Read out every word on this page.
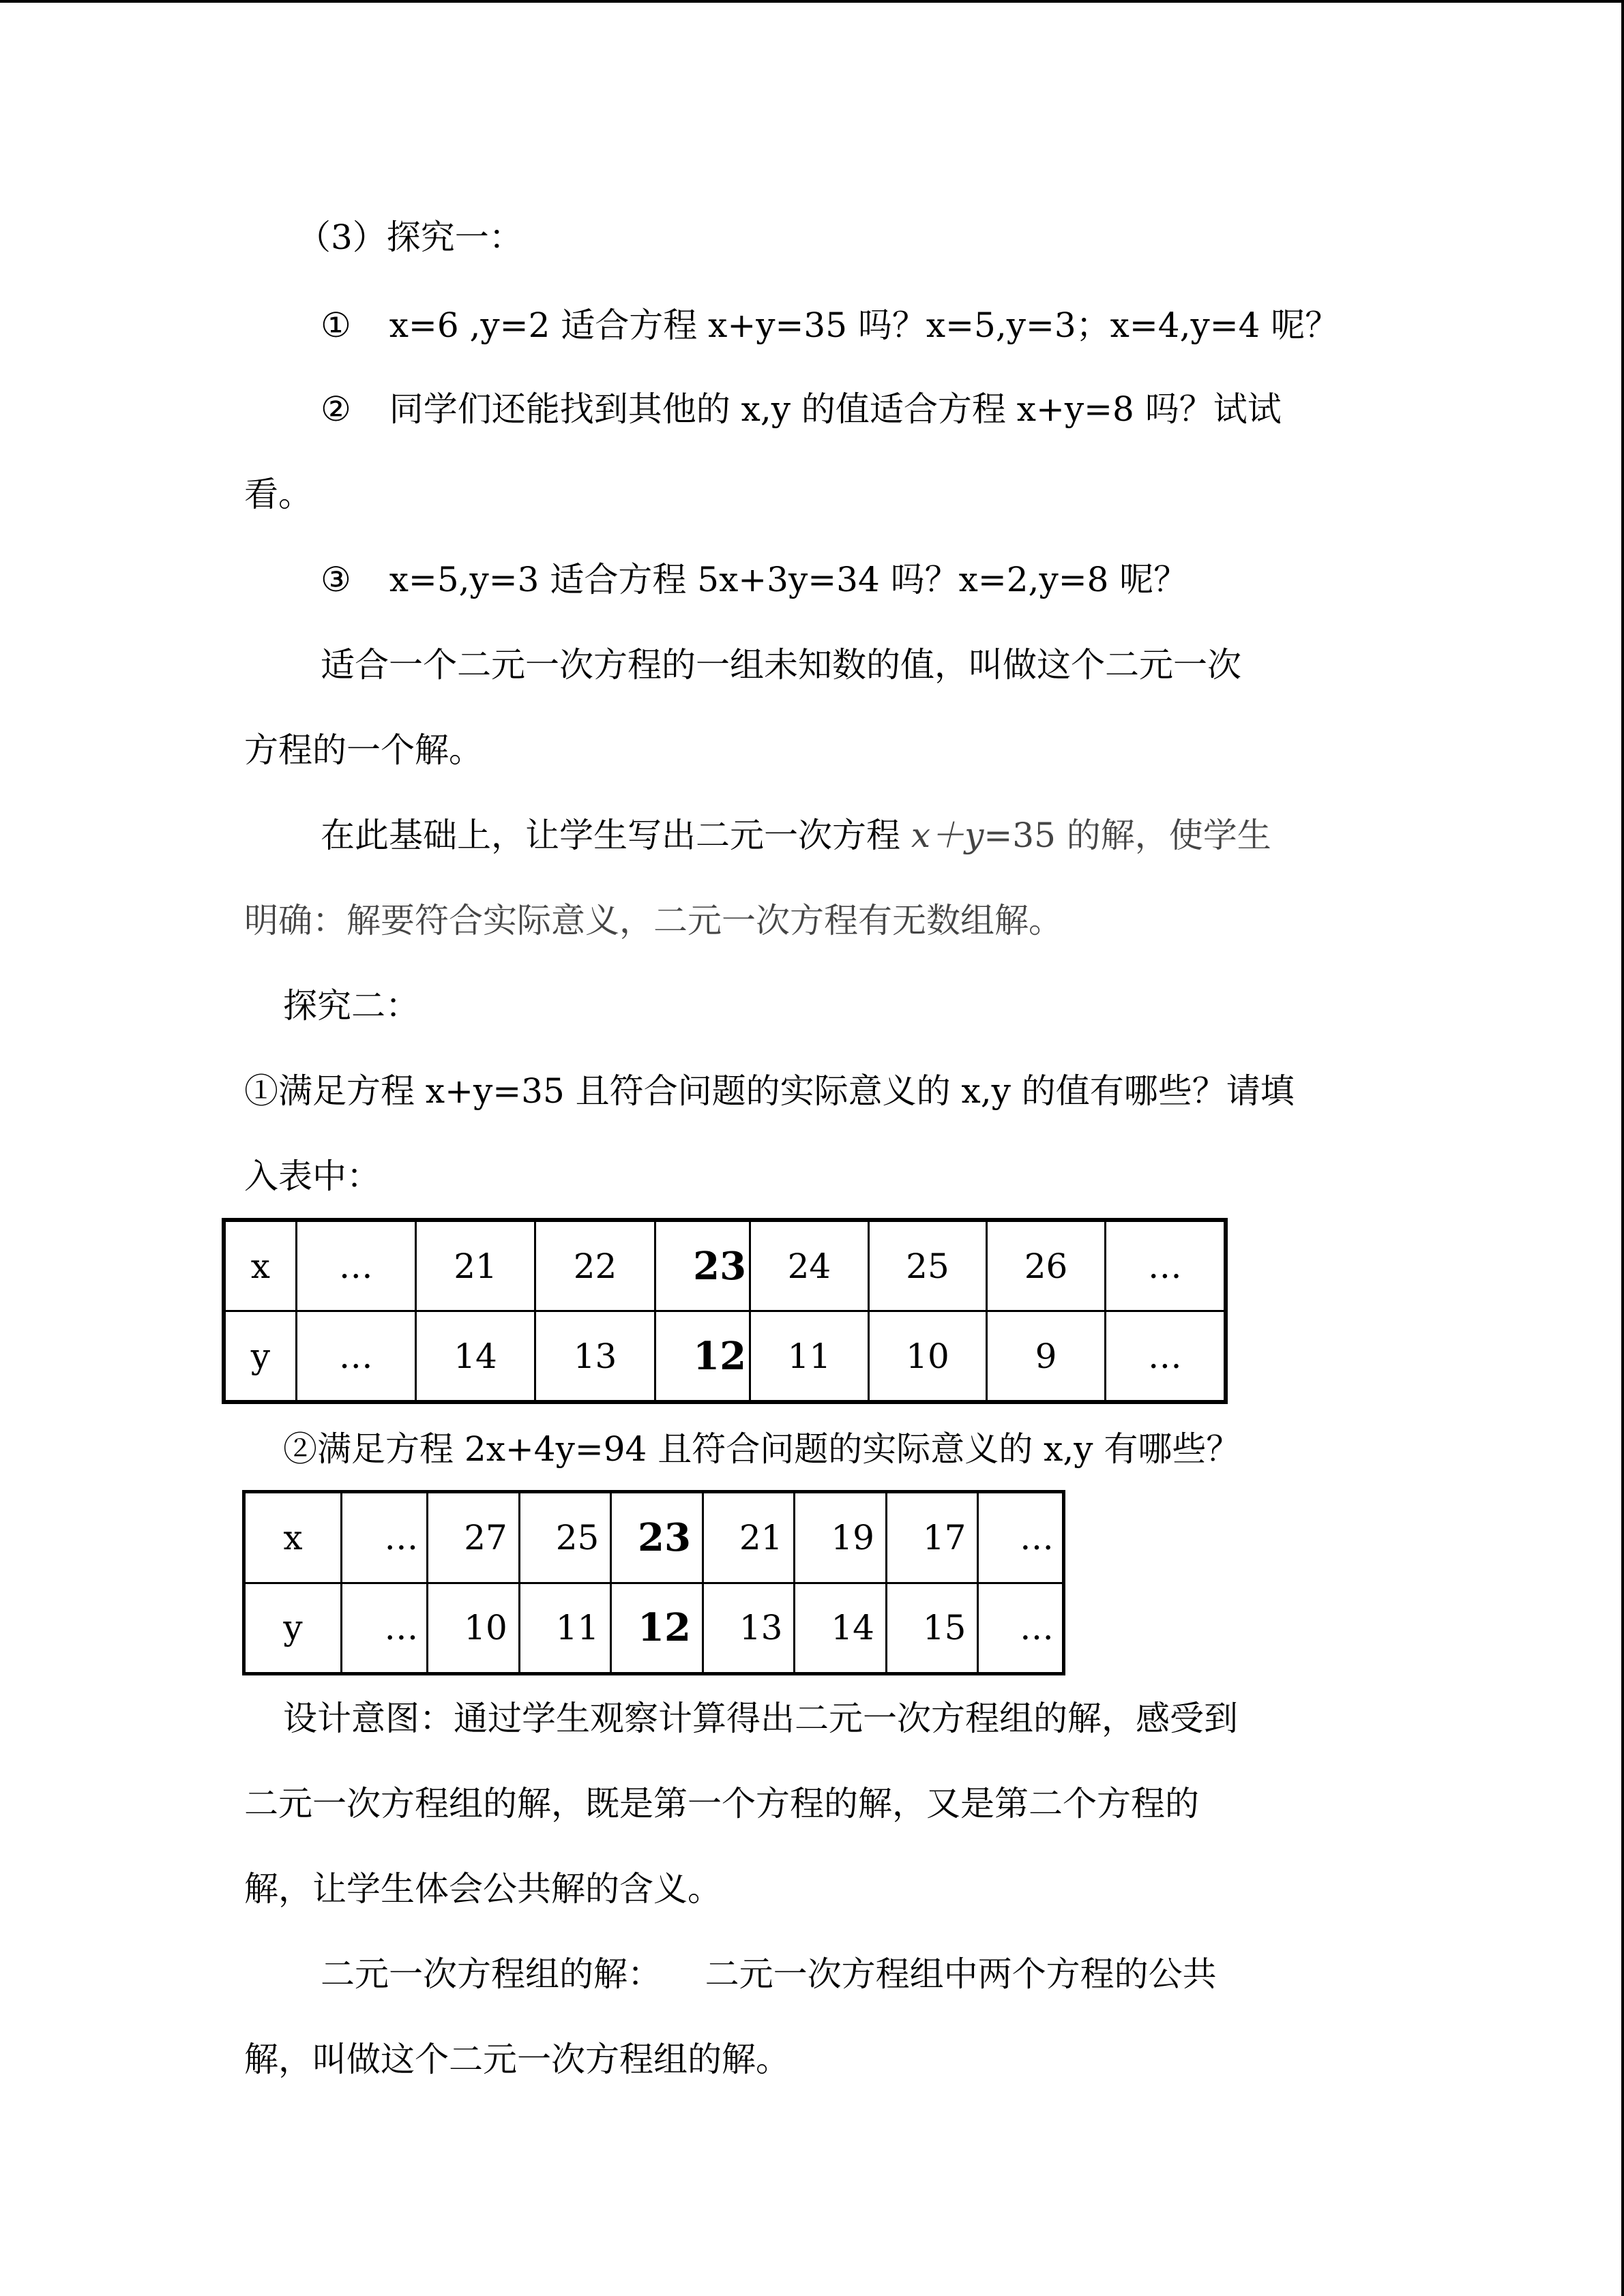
（3）探究一：
① x=6 ,y=2 适合方程 x+y=35 吗？x=5,y=3；x=4,y=4 呢？
② 同学们还能找到其他的 x,y 的值适合方程 x+y=8 吗？试试
看。
③ x=5,y=3 适合方程 5x+3y=34 吗？x=2,y=8 呢？
适合一个二元一次方程的一组未知数的值，叫做这个二元一次
方程的一个解。
在此基础上，让学生写出二元一次方程 x＋y=35 的解，使学生
明确：解要符合实际意义，二元一次方程有无数组解。
探究二：
①满足方程 x+y=35 且符合问题的实际意义的 x,y 的值有哪些？请填
入表中：
x	…	21	22	23	24	25	26	…
y	…	14	13	12	11	10	9	…
②满足方程 2x+4y=94 且符合问题的实际意义的 x,y 有哪些？
x	…	27	25	23	21	19	17	…
y	…	10	11	12	13	14	15	…
设计意图：通过学生观察计算得出二元一次方程组的解，感受到
二元一次方程组的解，既是第一个方程的解，又是第二个方程的
解，让学生体会公共解的含义。
二元一次方程组的解：    二元一次方程组中两个方程的公共
解，叫做这个二元一次方程组的解。
